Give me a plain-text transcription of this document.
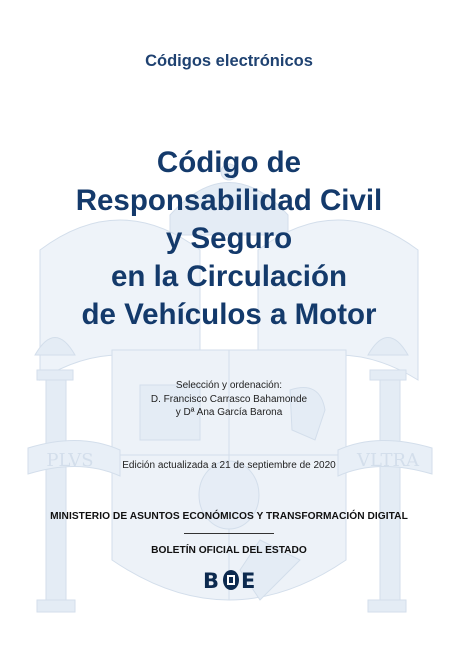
PLVS	VLTRA
Códigos electrónicos
Código de
Responsabilidad Civil
y Seguro
en la Circulación
de Vehículos a Motor
Selección y ordenación:
D. Francisco Carrasco Bahamonde
y Dª Ana García Barona
Edición actualizada a 21 de septiembre de 2020
MINISTERIO DE ASUNTOS ECONÓMICOS Y TRANSFORMACIÓN DIGITAL
BOLETÍN OFICIAL DEL ESTADO
B E
